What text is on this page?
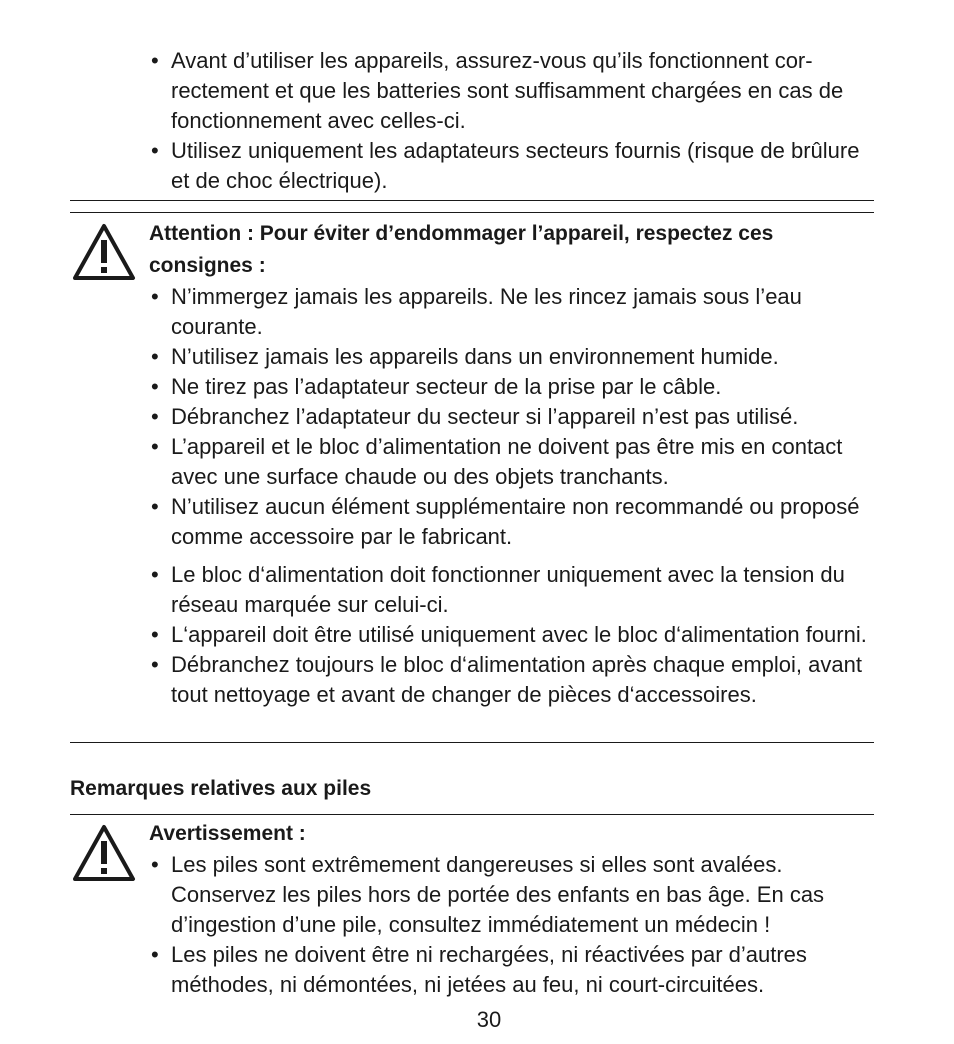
• Avant d’utiliser les appareils, assurez-vous qu’ils fonctionnent correctement et que les batteries sont suffisamment chargées en cas de fonctionnement avec celles-ci.
• Utilisez uniquement les adaptateurs secteurs fournis (risque de brûlure et de choc électrique).

Attention : Pour éviter d’endommager l’appareil, respectez ces consignes :

• N’immergez jamais les appareils. Ne les rincez jamais sous l’eau courante.
• N’utilisez jamais les appareils dans un environnement humide.
• Ne tirez pas l’adaptateur secteur de la prise par le câble.
• Débranchez l’adaptateur du secteur si l’appareil n’est pas utilisé.
• L’appareil et le bloc d’alimentation ne doivent pas être mis en contact avec une surface chaude ou des objets tranchants.
• N’utilisez aucun élément supplémentaire non recommandé ou proposé comme accessoire par le fabricant.
• Le bloc d‘alimentation doit fonctionner uniquement avec la tension du réseau marquée sur celui-ci.
• L‘appareil doit être utilisé uniquement avec le bloc d‘alimentation fourni.
• Débranchez toujours le bloc d‘alimentation après chaque emploi, avant tout nettoyage et avant de changer de pièces d‘accessoires.

Remarques relatives aux piles

Avertissement :

• Les piles sont extrêmement dangereuses si elles sont avalées. Conservez les piles hors de portée des enfants en bas âge. En cas d’ingestion d’une pile, consultez immédiatement un médecin !
• Les piles ne doivent être ni rechargées, ni réactivées par d’autres méthodes, ni démontées, ni jetées au feu, ni court-circuitées.
30
